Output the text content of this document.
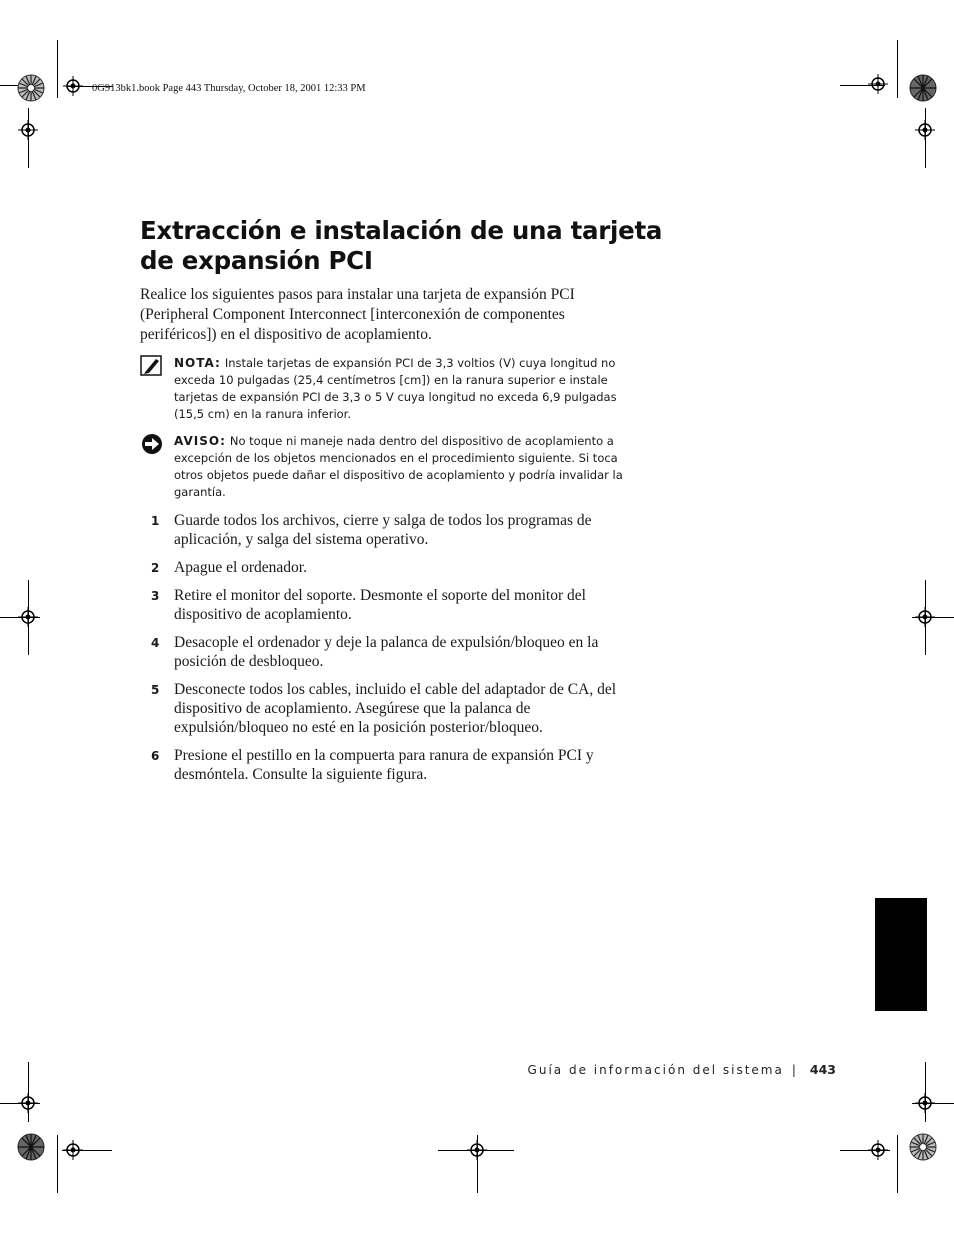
0G913bk1.book Page 443 Thursday, October 18, 2001 12:33 PM
Extracción e instalación de una tarjeta de expansión PCI

Realice los siguientes pasos para instalar una tarjeta de expansión PCI (Peripheral Component Interconnect [interconexión de componentes periféricos]) en el dispositivo de acoplamiento.

NOTA: Instale tarjetas de expansión PCI de 3,3 voltios (V) cuya longitud no exceda 10 pulgadas (25,4 centímetros [cm]) en la ranura superior e instale tarjetas de expansión PCI de 3,3 o 5 V cuya longitud no exceda 6,9 pulgadas (15,5 cm) en la ranura inferior.
AVISO: No toque ni maneje nada dentro del dispositivo de acoplamiento a excepción de los objetos mencionados en el procedimiento siguiente. Si toca otros objetos puede dañar el dispositivo de acoplamiento y podría invalidar la garantía.
1 Guarde todos los archivos, cierre y salga de todos los programas de aplicación, y salga del sistema operativo.
2 Apague el ordenador.
3 Retire el monitor del soporte. Desmonte el soporte del monitor del dispositivo de acoplamiento.
4 Desacople el ordenador y deje la palanca de expulsión/bloqueo en la posición de desbloqueo.
5 Desconecte todos los cables, incluido el cable del adaptador de CA, del dispositivo de acoplamiento. Asegúrese que la palanca de expulsión/bloqueo no esté en la posición posterior/bloqueo.
6 Presione el pestillo en la compuerta para ranura de expansión PCI y desmóntela. Consulte la siguiente figura.
Guía de información del sistema | 443
